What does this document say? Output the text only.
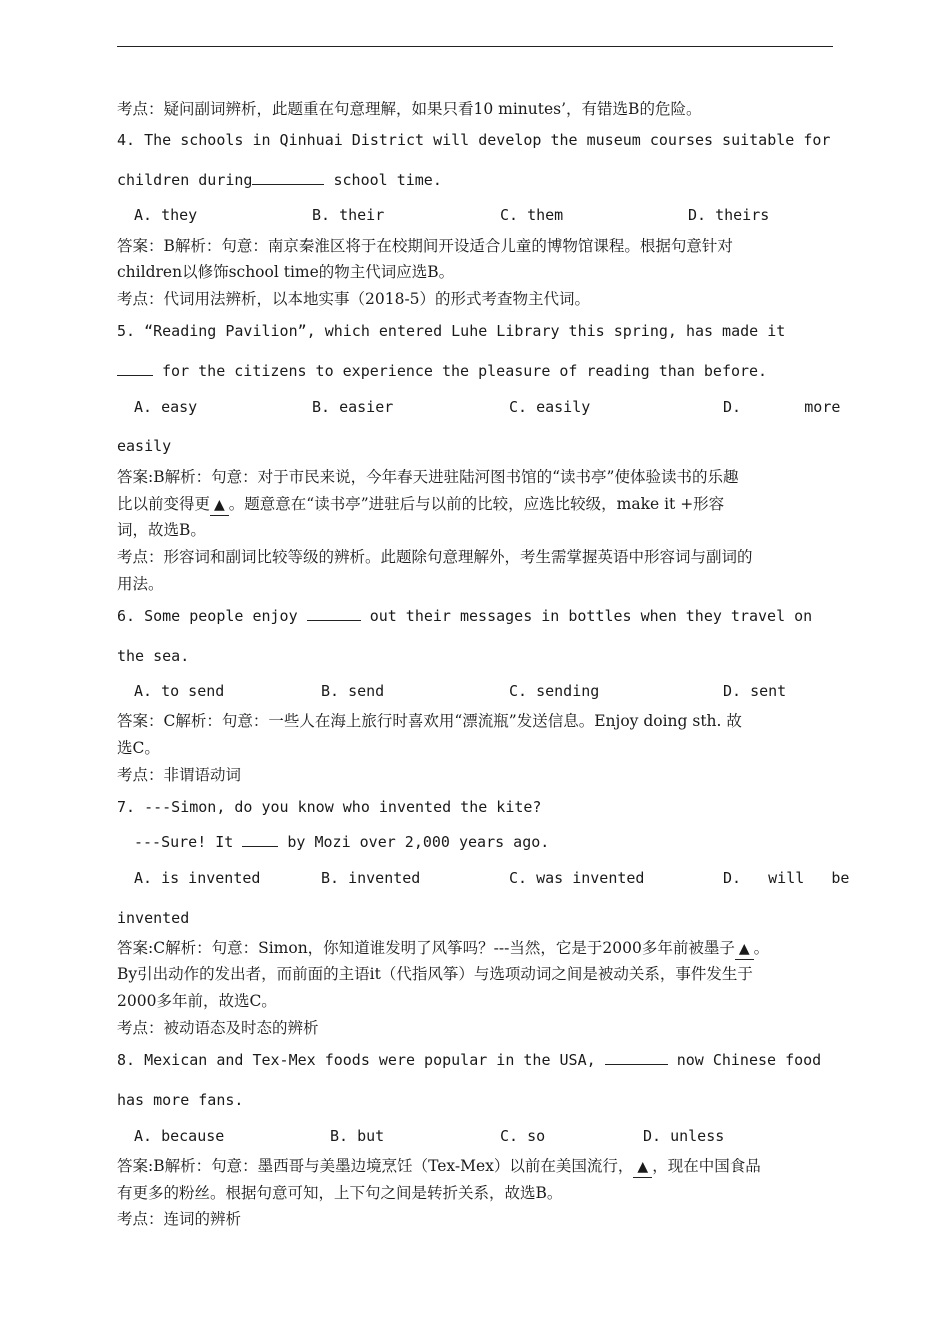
考点：疑问副词辨析，此题重在句意理解，如果只看10 minutes’，有错选B的危险。
4. The schools in Qinhuai District will develop the museum courses suitable for
children during	school time.
A. they	B. their	C. them	D. theirs
答案：B解析：句意：南京秦淮区将于在校期间开设适合儿童的博物馆课程。根据句意针对
children以修饰school time的物主代词应选B。
考点：代词用法辨析，以本地实事（2018-5）的形式考查物主代词。
5. “Reading Pavilion”, which entered Luhe Library this spring, has made it
for the citizens to experience the pleasure of reading than before.
A. easy	B. easier	C. easily	D.       more
easily
答案:B解析：句意：对于市民来说，今年春天进驻陆河图书馆的“读书亭”使体验读书的乐趣
比以前变得更 ▲ 。题意意在“读书亭”进驻后与以前的比较，应选比较级，make it +形容
词，故选B。
考点：形容词和副词比较等级的辨析。此题除句意理解外，考生需掌握英语中形容词与副词的
用法。
6. Some people enjoy	out their messages in bottles when they travel on
the sea.
A. to send	B. send	C. sending	D. sent
答案：C解析：句意：一些人在海上旅行时喜欢用“漂流瓶”发送信息。Enjoy doing sth. 故
选C。
考点：非谓语动词
7. ---Simon, do you know who invented the kite?
---Sure! It	by Mozi over 2,000 years ago.
A. is invented	B. invented	C. was invented	D.   will   be
invented
答案:C解析：句意：Simon，你知道谁发明了风筝吗？---当然，它是于2000多年前被墨子 ▲ 。
By引出动作的发出者，而前面的主语it（代指风筝）与选项动词之间是被动关系，事件发生于
2000多年前，故选C。
考点：被动语态及时态的辨析
8. Mexican and Tex-Mex foods were popular in the USA,	now Chinese food
has more fans.
A. because	B. but	C. so	D. unless
答案:B解析：句意：墨西哥与美墨边境烹饪（Tex-Mex）以前在美国流行， ▲ ，现在中国食品
有更多的粉丝。根据句意可知，上下句之间是转折关系，故选B。
考点：连词的辨析
